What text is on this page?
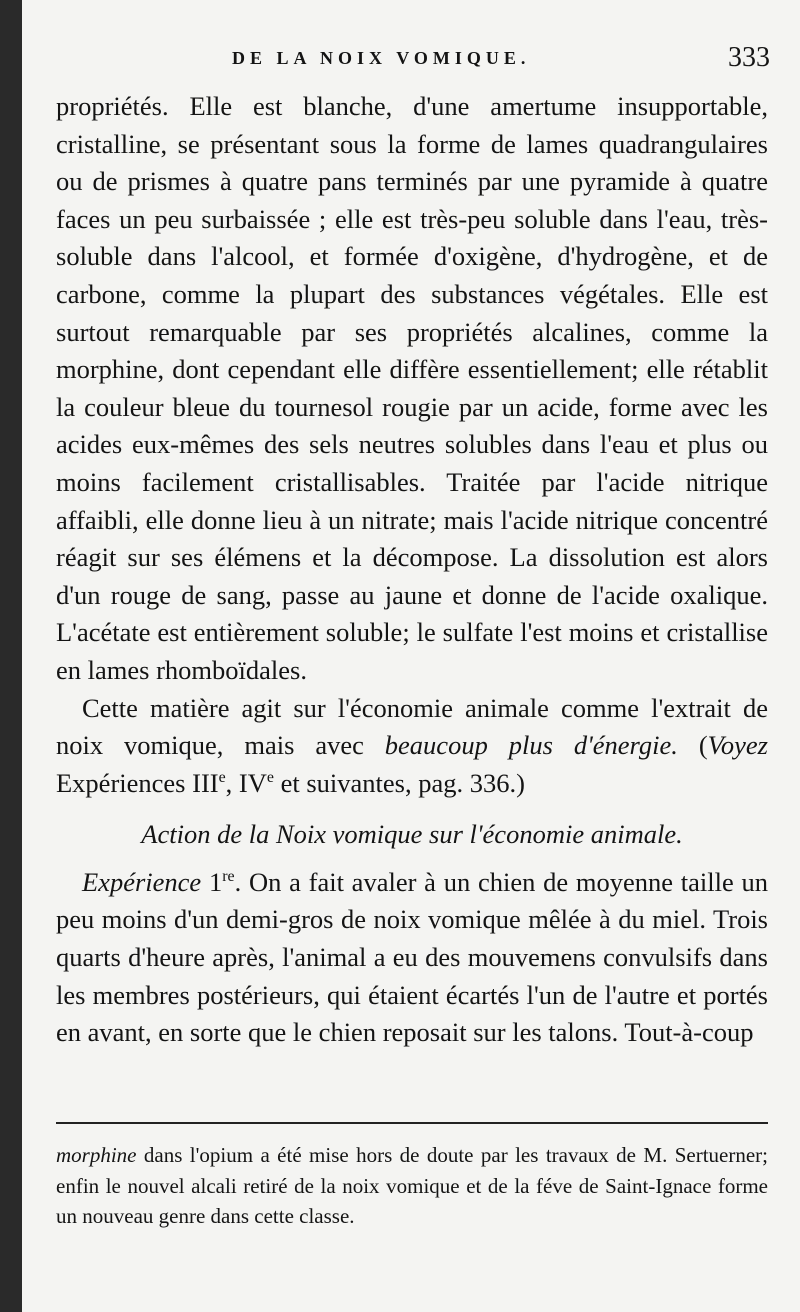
DE LA NOIX VOMIQUE.	333

propriétés. Elle est blanche, d'une amertume insupportable, cristalline, se présentant sous la forme de lames quadrangulaires ou de prismes à quatre pans terminés par une pyramide à quatre faces un peu surbaissée ; elle est très-peu soluble dans l'eau, très-soluble dans l'alcool, et formée d'oxigène, d'hydrogène, et de carbone, comme la plupart des substances végétales. Elle est surtout remarquable par ses propriétés alcalines, comme la morphine, dont cependant elle diffère essentiellement; elle rétablit la couleur bleue du tournesol rougie par un acide, forme avec les acides eux-mêmes des sels neutres solubles dans l'eau et plus ou moins facilement cristallisables. Traitée par l'acide nitrique affaibli, elle donne lieu à un nitrate; mais l'acide nitrique concentré réagit sur ses élémens et la décompose. La dissolution est alors d'un rouge de sang, passe au jaune et donne de l'acide oxalique. L'acétate est entièrement soluble; le sulfate l'est moins et cristallise en lames rhomboïdales.

Cette matière agit sur l'économie animale comme l'extrait de noix vomique, mais avec beaucoup plus d'énergie. (Voyez Expériences IIIe, IVe et suivantes, pag. 336.)

Action de la Noix vomique sur l'économie animale.

Expérience 1re. On a fait avaler à un chien de moyenne taille un peu moins d'un demi-gros de noix vomique mêlée à du miel. Trois quarts d'heure après, l'animal a eu des mouvemens convulsifs dans les membres postérieurs, qui étaient écartés l'un de l'autre et portés en avant, en sorte que le chien reposait sur les talons. Tout-à-coup

morphine dans l'opium a été mise hors de doute par les travaux de M. Sertuerner; enfin le nouvel alcali retiré de la noix vomique et de la féve de Saint-Ignace forme un nouveau genre dans cette classe.
